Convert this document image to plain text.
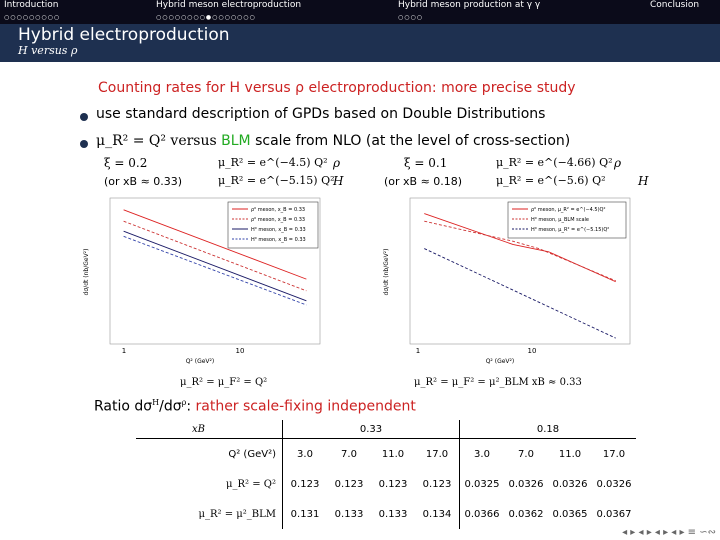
Introduction
○○○○○○○○○
Hybrid meson electroproduction
○○○○○○○○●○○○○○○○
Hybrid meson production at γ γ
○○○○
Conclusion
Hybrid electroproduction
H versus ρ
Counting rates for H versus ρ electroproduction: more precise study
use standard description of GPDs based on Double Distributions
μ_R² = Q² versus BLM scale from NLO (at the level of cross-section)
ξ = 0.2
(or xB ≈ 0.33)
μ_R² = e^(−4.5) Q²
μ_R² = e^(−5.15) Q²
ρ
H
ξ = 0.1
(or xB ≈ 0.18)
μ_R² = e^(−4.66) Q²
μ_R² = e^(−5.6) Q²
ρ
H
ρ⁰ meson, x_B = 0.33
ρ⁰ meson, x_B = 0.33
H⁰ meson, x_B = 0.33
H⁰ meson, x_B = 0.33
1	10
Q² (GeV²)
dσ/dt (nb/GeV²)
ρ⁰ meson, μ_R² = e^(−4.5)Q²
H⁰ meson, μ_BLM scale
H⁰ meson, μ_R² = e^(−5.15)Q²
1	10
Q² (GeV²)
dσ/dt (nb/GeV²)
μ_R² = μ_F² = Q²	μ_R² = μ_F² = μ²_BLM xB ≈ 0.33
Ratio $d\sigma^H/d\sigma^\rho$: rather scale-fixing independent
xB	0.33				0.18			
Q² (GeV²)	3.0	7.0	11.0	17.0	3.0	7.0	11.0	17.0
μ_R² = Q²	0.123	0.123	0.123	0.123	0.0325	0.0326	0.0326	0.0326
μ_R² = μ²_BLM	0.131	0.133	0.133	0.134	0.0366	0.0362	0.0365	0.0367
◂ ▸ ◂ ▸ ◂ ▸ ◂ ▸ ≡ ∽∾
